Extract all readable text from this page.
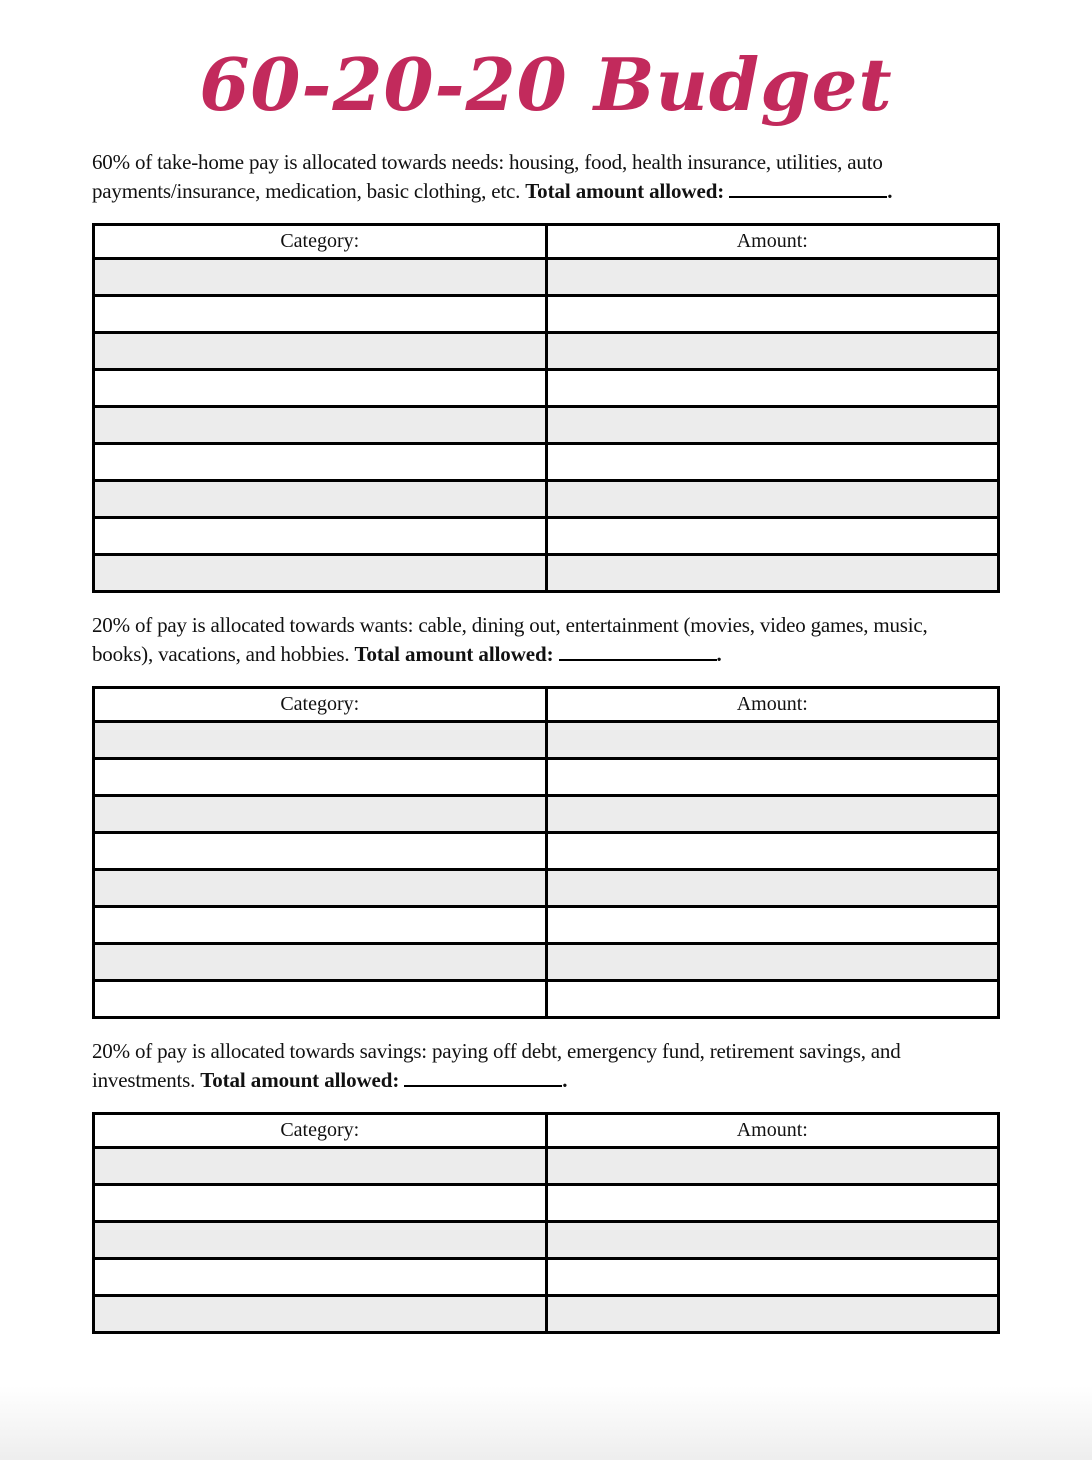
60-20-20 Budget

60% of take-home pay is allocated towards needs: housing, food, health insurance, utilities, auto payments/insurance, medication, basic clothing, etc. Total amount allowed:	.

Category:	Amount:

20% of pay is allocated towards wants: cable, dining out, entertainment (movies, video games, music, books), vacations, and hobbies. Total amount allowed:	.

Category:	Amount:

20% of pay is allocated towards savings: paying off debt, emergency fund, retirement savings, and investments. Total amount allowed:	.

Category:	Amount:
